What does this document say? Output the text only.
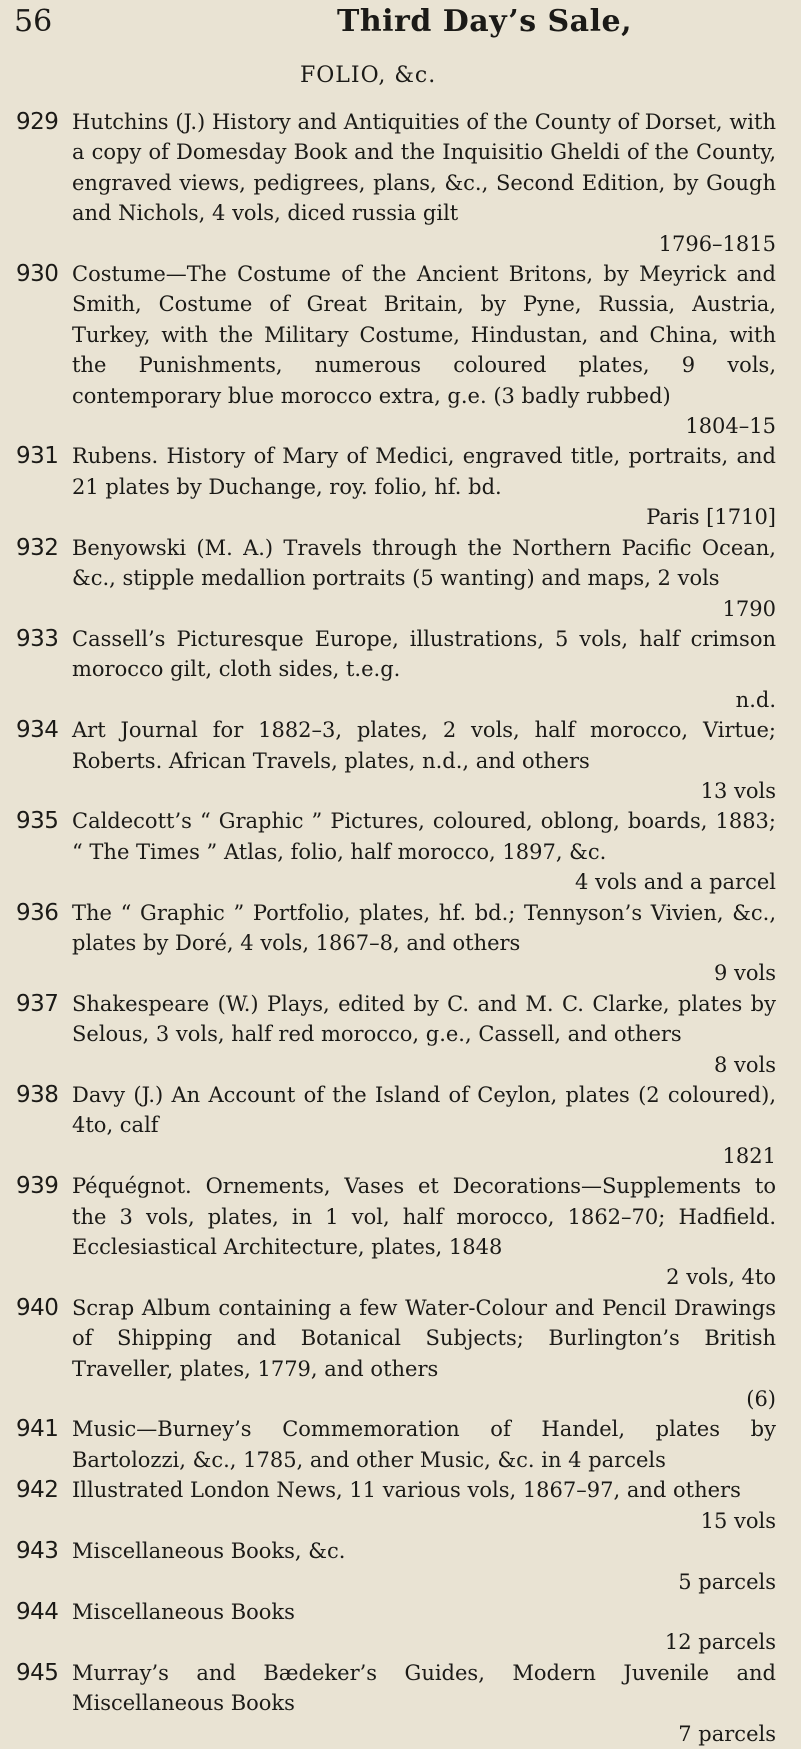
56	Third Day’s Sale,
FOLIO, &c.
929 Hutchins (J.) History and Antiquities of the County of Dorset, with a copy of Domesday Book and the Inquisitio Gheldi of the County, engraved views, pedigrees, plans, &c., Second Edition, by Gough and Nichols, 4 vols, diced russia gilt
1796–1815
930 Costume—The Costume of the Ancient Britons, by Meyrick and Smith, Costume of Great Britain, by Pyne, Russia, Austria, Turkey, with the Military Costume, Hindustan, and China, with the Punishments, numerous coloured plates, 9 vols, contemporary blue morocco extra, g.e. (3 badly rubbed)
1804–15
931 Rubens. History of Mary of Medici, engraved title, portraits, and 21 plates by Duchange, roy. folio, hf. bd.
Paris [1710]
932 Benyowski (M. A.) Travels through the Northern Pacific Ocean, &c., stipple medallion portraits (5 wanting) and maps, 2 vols
1790
933 Cassell’s Picturesque Europe, illustrations, 5 vols, half crimson morocco gilt, cloth sides, t.e.g.
n.d.
934 Art Journal for 1882–3, plates, 2 vols, half morocco, Virtue; Roberts. African Travels, plates, n.d., and others
13 vols
935 Caldecott’s “ Graphic ” Pictures, coloured, oblong, boards, 1883; “ The Times ” Atlas, folio, half morocco, 1897, &c.
4 vols and a parcel
936 The “ Graphic ” Portfolio, plates, hf. bd.; Tennyson’s Vivien, &c., plates by Doré, 4 vols, 1867–8, and others
9 vols
937 Shakespeare (W.) Plays, edited by C. and M. C. Clarke, plates by Selous, 3 vols, half red morocco, g.e., Cassell, and others
8 vols
938 Davy (J.) An Account of the Island of Ceylon, plates (2 coloured), 4to, calf
1821
939 Péquégnot. Ornements, Vases et Decorations—Supplements to the 3 vols, plates, in 1 vol, half morocco, 1862–70; Hadfield. Ecclesiastical Architecture, plates, 1848
2 vols, 4to
940 Scrap Album containing a few Water-Colour and Pencil Drawings of Shipping and Botanical Subjects; Burlington’s British Traveller, plates, 1779, and others
(6)
941 Music—Burney’s Commemoration of Handel, plates by Bartolozzi, &c., 1785, and other Music, &c. in 4 parcels
942 Illustrated London News, 11 various vols, 1867–97, and others
15 vols
943 Miscellaneous Books, &c.
5 parcels
944 Miscellaneous Books
12 parcels
945 Murray’s and Bædeker’s Guides, Modern Juvenile and Miscellaneous Books
7 parcels
